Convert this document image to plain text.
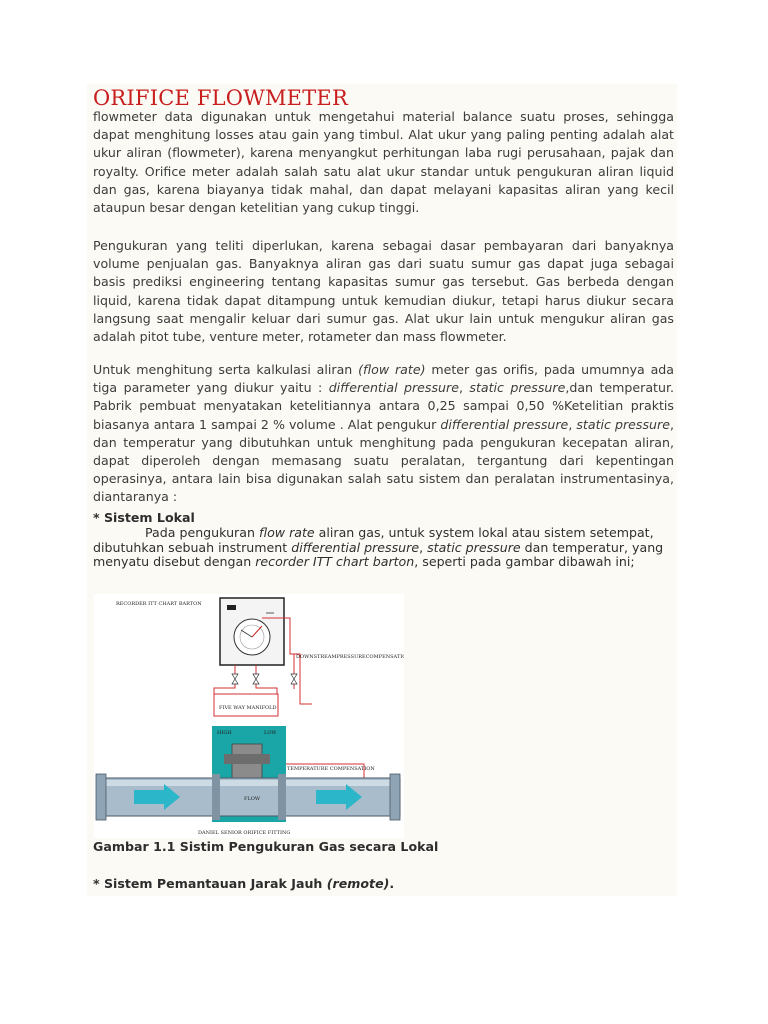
ORIFICE FLOWMETER

flowmeter data digunakan untuk mengetahui material balance suatu proses, sehingga dapat menghitung losses atau gain yang timbul. Alat ukur yang paling penting adalah alat ukur aliran (flowmeter), karena menyangkut perhitungan laba rugi perusahaan, pajak dan royalty. Orifice meter adalah salah satu alat ukur standar untuk pengukuran aliran liquid dan gas, karena biayanya tidak mahal, dan dapat melayani kapasitas aliran yang kecil ataupun besar dengan ketelitian yang cukup tinggi.

Pengukuran yang teliti diperlukan, karena sebagai dasar pembayaran dari banyaknya volume penjualan gas. Banyaknya aliran gas dari suatu sumur gas dapat juga sebagai basis prediksi engineering tentang kapasitas sumur gas tersebut. Gas berbeda dengan liquid, karena tidak dapat ditampung untuk kemudian diukur, tetapi harus diukur secara langsung saat mengalir keluar dari sumur gas. Alat ukur lain untuk mengukur aliran gas adalah pitot tube, venture meter, rotameter dan mass flowmeter.

Untuk menghitung serta kalkulasi aliran (flow rate) meter gas orifis, pada umumnya ada tiga parameter yang diukur yaitu : differential pressure, static pressure,dan temperatur. Pabrik pembuat menyatakan ketelitiannya antara 0,25 sampai 0,50 %Ketelitian praktis biasanya antara 1 sampai 2 % volume . Alat pengukur differential pressure, static pressure, dan temperatur yang dibutuhkan untuk menghitung pada pengukuran kecepatan aliran, dapat diperoleh dengan memasang suatu peralatan, tergantung dari kepentingan operasinya, antara lain bisa digunakan salah satu sistem dan peralatan instrumentasinya, diantaranya :

* Sistem Lokal

Pada pengukuran flow rate aliran gas, untuk system lokal atau sistem setempat, dibutuhkan sebuah instrument differential pressure, static pressure dan temperatur, yang menyatu disebut dengan recorder ITT chart barton, seperti pada gambar dibawah ini;

RECORDER ITT CHART BARTON
DOWNSTREAMPRESSURECOMPENSATION
FIVE WAY MANIFOLD
HIGH	LOW
TEMPERATURE COMPENSATION
FLOW
DANIEL SENIOR ORIFICE FITTING

Gambar 1.1 Sistim Pengukuran Gas secara Lokal

* Sistem Pemantauan Jarak Jauh (remote).
